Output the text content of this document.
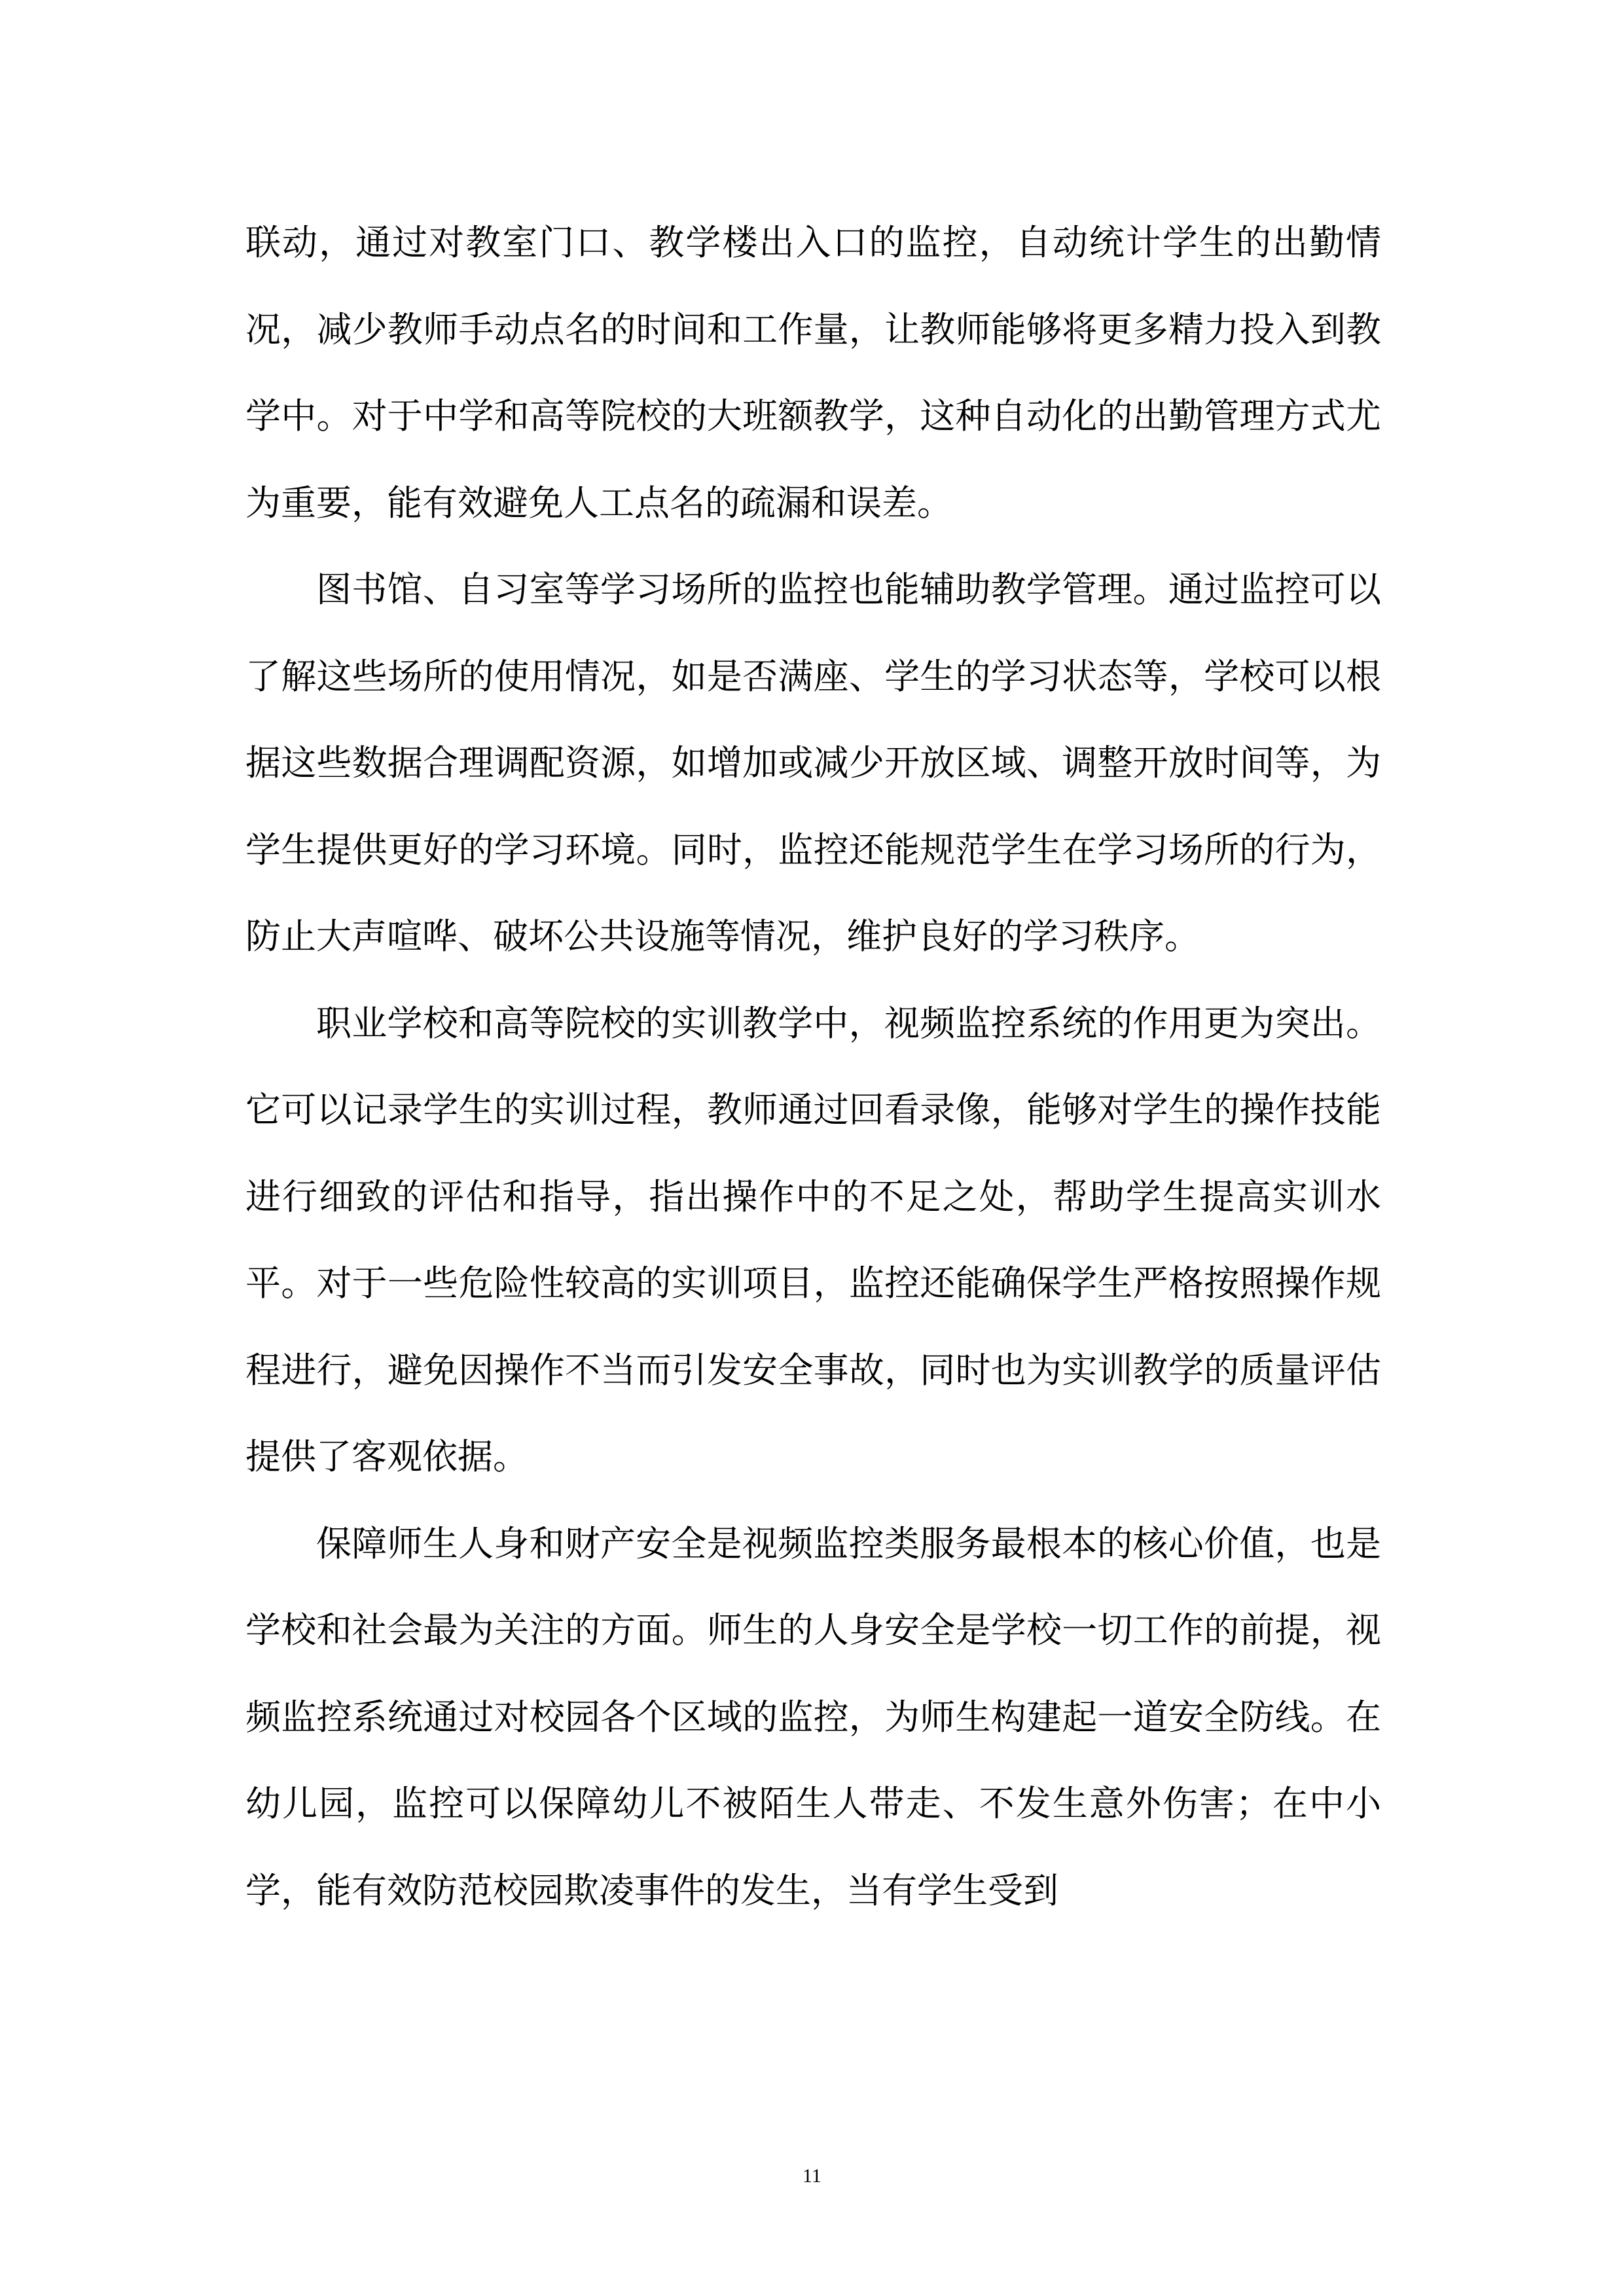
联动，通过对教室门口、教学楼出入口的监控，自动统计学生的出勤情况，减少教师手动点名的时间和工作量，让教师能够将更多精力投入到教学中。对于中学和高等院校的大班额教学，这种自动化的出勤管理方式尤为重要，能有效避免人工点名的疏漏和误差。

图书馆、自习室等学习场所的监控也能辅助教学管理。通过监控可以了解这些场所的使用情况，如是否满座、学生的学习状态等，学校可以根据这些数据合理调配资源，如增加或减少开放区域、调整开放时间等，为学生提供更好的学习环境。同时，监控还能规范学生在学习场所的行为，防止大声喧哗、破坏公共设施等情况，维护良好的学习秩序。

职业学校和高等院校的实训教学中，视频监控系统的作用更为突出。它可以记录学生的实训过程，教师通过回看录像，能够对学生的操作技能进行细致的评估和指导，指出操作中的不足之处，帮助学生提高实训水平。对于一些危险性较高的实训项目，监控还能确保学生严格按照操作规程进行，避免因操作不当而引发安全事故，同时也为实训教学的质量评估提供了客观依据。

保障师生人身和财产安全是视频监控类服务最根本的核心价值，也是学校和社会最为关注的方面。师生的人身安全是学校一切工作的前提，视频监控系统通过对校园各个区域的监控，为师生构建起一道安全防线。在幼儿园，监控可以保障幼儿不被陌生人带走、不发生意外伤害；在中小学，能有效防范校园欺凌事件的发生，当有学生受到

11
